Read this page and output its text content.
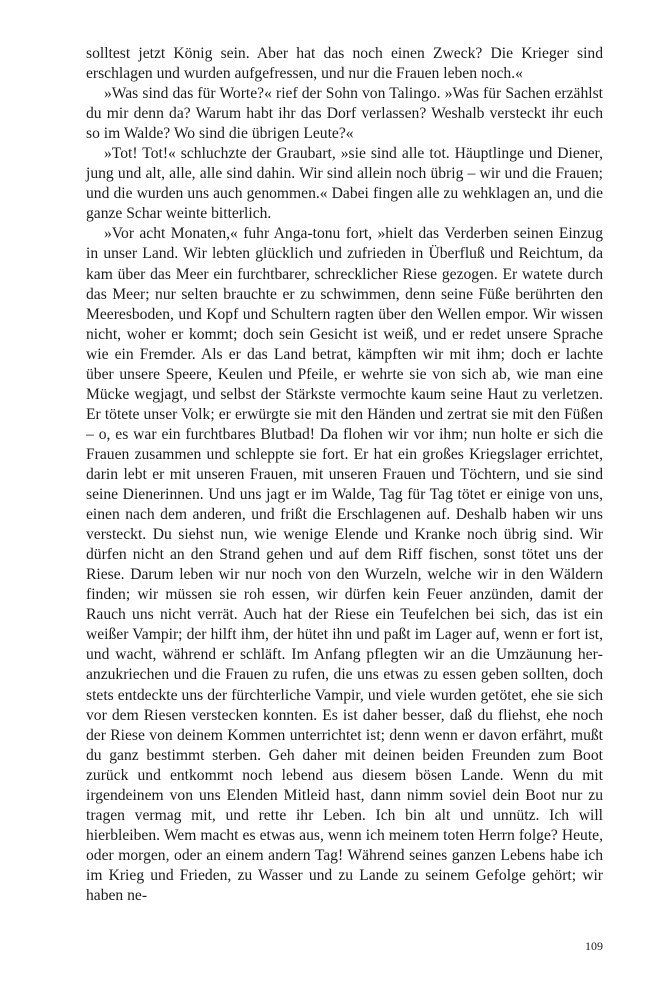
solltest jetzt König sein. Aber hat das noch einen Zweck? Die Krieger sind erschlagen und wurden aufgefressen, und nur die Frauen leben noch.«

»Was sind das für Worte?« rief der Sohn von Talingo. »Was für Sachen erzählst du mir denn da? Warum habt ihr das Dorf verlassen? Weshalb versteckt ihr euch so im Walde? Wo sind die übrigen Leute?«

»Tot! Tot!« schluchzte der Graubart, »sie sind alle tot. Häuptlinge und Diener, jung und alt, alle, alle sind dahin. Wir sind allein noch übrig – wir und die Frauen; und die wurden uns auch genommen.« Dabei fingen alle zu wehklagen an, und die ganze Schar weinte bitterlich.

»Vor acht Monaten,« fuhr Anga-tonu fort, »hielt das Verderben seinen Einzug in unser Land. Wir lebten glücklich und zufrieden in Überfluß und Reichtum, da kam über das Meer ein furchtbarer, schrecklicher Riese gezogen. Er watete durch das Meer; nur selten brauchte er zu schwimmen, denn seine Füße berührten den Meeresboden, und Kopf und Schultern ragten über den Wellen empor. Wir wissen nicht, woher er kommt; doch sein Gesicht ist weiß, und er redet unsere Sprache wie ein Fremder. Als er das Land betrat, kämpften wir mit ihm; doch er lachte über unsere Speere, Keulen und Pfeile, er wehrte sie von sich ab, wie man eine Mücke wegjagt, und selbst der Stärkste vermochte kaum seine Haut zu verletzen. Er tötete unser Volk; er erwürgte sie mit den Händen und zertrat sie mit den Füßen – o, es war ein furchtbares Blutbad! Da flohen wir vor ihm; nun holte er sich die Frauen zusammen und schleppte sie fort. Er hat ein großes Kriegslager errichtet, darin lebt er mit unseren Frauen, mit unseren Frauen und Töchtern, und sie sind seine Dienerinnen. Und uns jagt er im Walde, Tag für Tag tötet er einige von uns, einen nach dem anderen, und frißt die Erschlagenen auf. Deshalb haben wir uns versteckt. Du siehst nun, wie wenige Elende und Kranke noch übrig sind. Wir dürfen nicht an den Strand gehen und auf dem Riff fischen, sonst tötet uns der Riese. Darum leben wir nur noch von den Wurzeln, welche wir in den Wäldern finden; wir müssen sie roh essen, wir dürfen kein Feuer anzünden, damit der Rauch uns nicht verrät. Auch hat der Riese ein Teufelchen bei sich, das ist ein weißer Vampir; der hilft ihm, der hütet ihn und paßt im Lager auf, wenn er fort ist, und wacht, während er schläft. Im Anfang pflegten wir an die Umzäunung heranzukriechen und die Frauen zu rufen, die uns etwas zu essen geben sollten, doch stets entdeckte uns der fürchterliche Vampir, und viele wurden getötet, ehe sie sich vor dem Riesen verstecken konnten. Es ist daher besser, daß du fliehst, ehe noch der Riese von deinem Kommen unterrichtet ist; denn wenn er davon erfährt, mußt du ganz bestimmt sterben. Geh daher mit deinen beiden Freunden zum Boot zurück und entkommt noch lebend aus diesem bösen Lande. Wenn du mit irgendeinem von uns Elenden Mitleid hast, dann nimm soviel dein Boot nur zu tragen vermag mit, und rette ihr Leben. Ich bin alt und unnütz. Ich will hierbleiben. Wem macht es etwas aus, wenn ich meinem toten Herrn folge? Heute, oder morgen, oder an einem andern Tag! Während seines ganzen Lebens habe ich im Krieg und Frieden, zu Wasser und zu Lande zu seinem Gefolge gehört; wir haben ne-

109
